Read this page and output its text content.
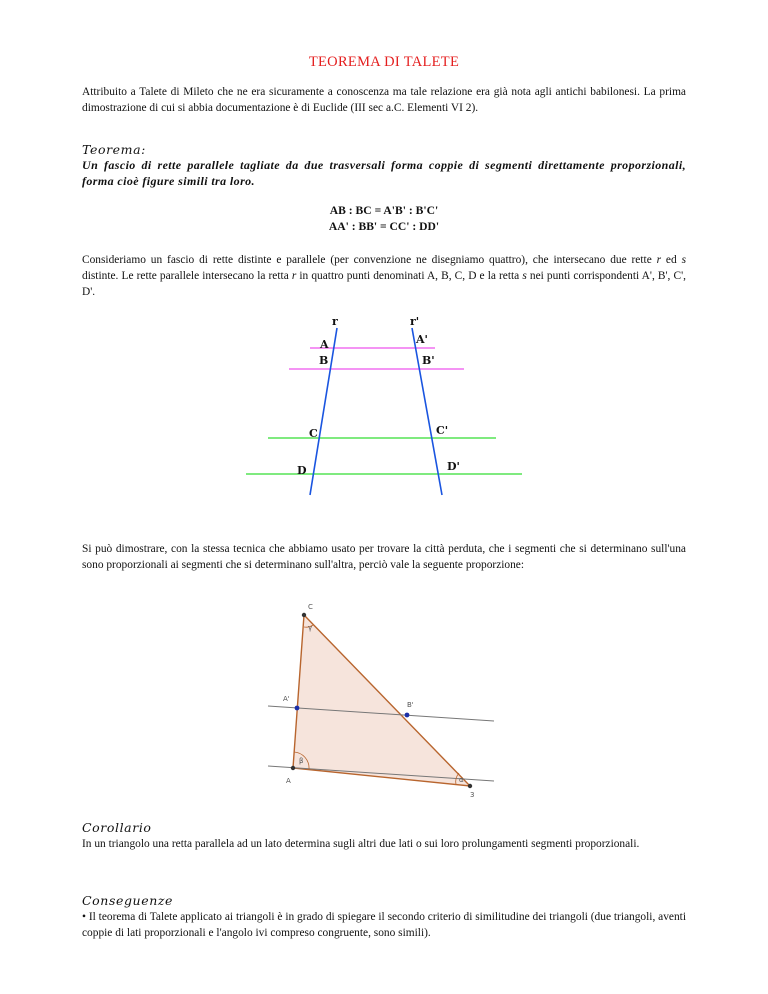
TEOREMA DI TALETE
Attribuito a Talete di Mileto che ne era sicuramente a conoscenza ma tale relazione era già nota agli antichi babilonesi. La prima dimostrazione di cui si abbia documentazione è di Euclide (III sec a.C. Elementi VI 2).
Teorema:
Un fascio di rette parallele tagliate da due trasversali forma coppie di segmenti direttamente proporzionali, forma cioè figure simili tra loro.
AB : BC = A'B' : B'C'
AA' : BB' = CC' : DD'
Consideriamo un fascio di rette distinte e parallele (per convenzione ne disegniamo quattro), che intersecano due rette r ed s distinte. Le rette parallele intersecano la retta r in quattro punti denominati A, B, C, D e la retta s nei punti corrispondenti A', B', C', D'.
r	r'
A
B
C
D
A'
B'
C'
D'
Si può dimostrare, con la stessa tecnica che abbiamo usato per trovare la città perduta, che i segmenti che si determinano sull'una sono proporzionali ai segmenti che si determinano sull'altra, perciò vale la seguente proporzione:
γ
β
α
C
A'
B'
A
3
Corollario
In un triangolo una retta parallela ad un lato determina sugli altri due lati o sui loro prolungamenti segmenti proporzionali.
Conseguenze
• Il teorema di Talete applicato ai triangoli è in grado di spiegare il secondo criterio di similitudine dei triangoli (due triangoli, aventi coppie di lati proporzionali e l'angolo ivi compreso congruente, sono simili).
